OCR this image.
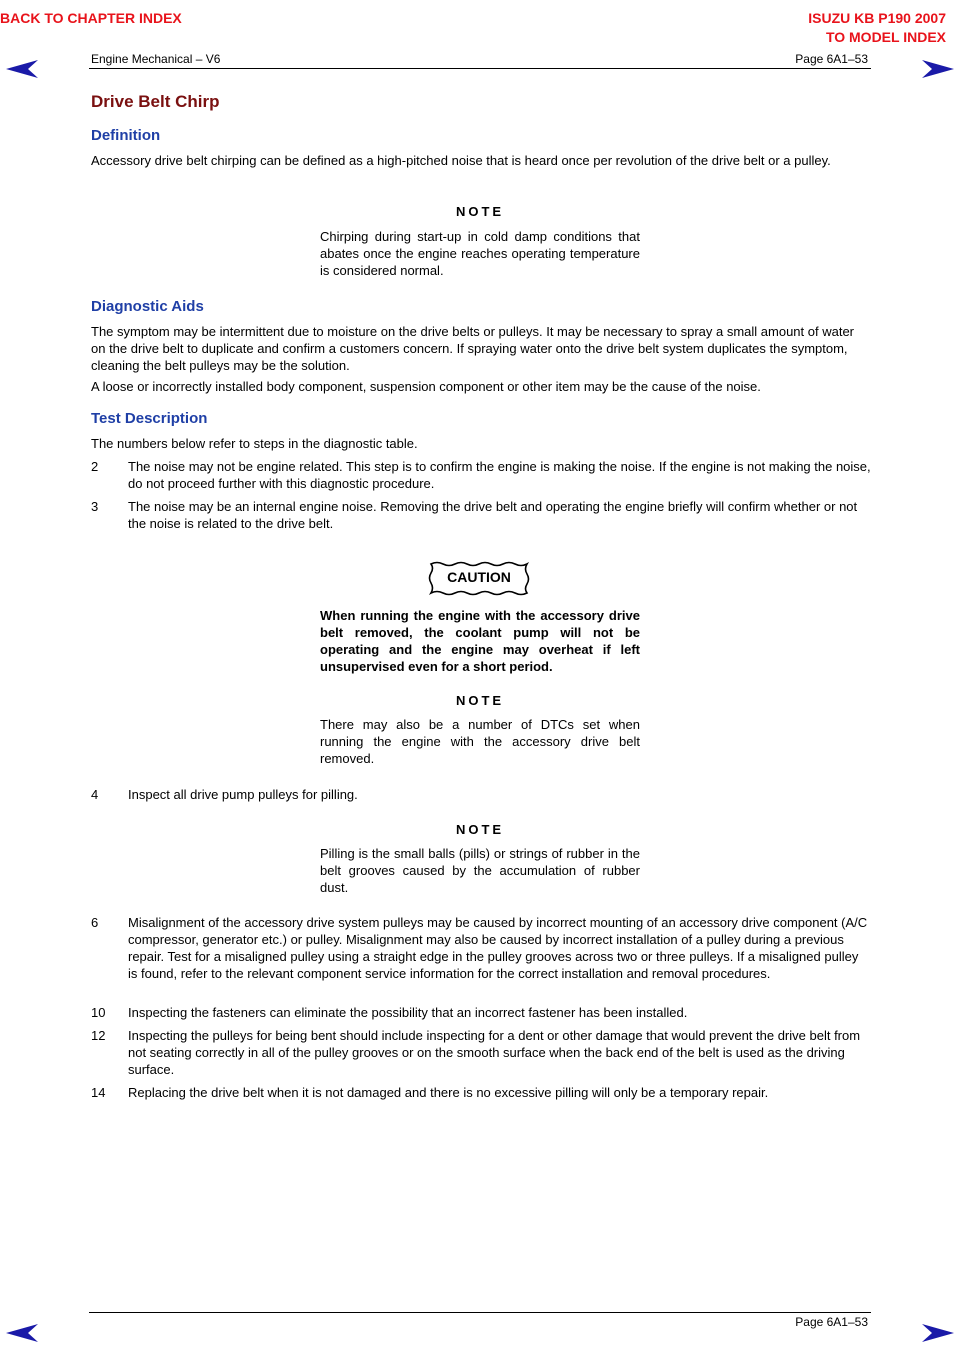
BACK TO CHAPTER INDEX	ISUZU KB P190 2007
TO MODEL INDEX
Engine Mechanical – V6	Page 6A1–53
Drive Belt Chirp
Definition
Accessory drive belt chirping can be defined as a high-pitched noise that is heard once per revolution of the drive belt or a pulley.
NOTE
Chirping during start-up in cold damp conditions that abates once the engine reaches operating temperature is considered normal.
Diagnostic Aids
The symptom may be intermittent due to moisture on the drive belts or pulleys. It may be necessary to spray a small amount of water on the drive belt to duplicate and confirm a customers concern. If spraying water onto the drive belt system duplicates the symptom, cleaning the belt pulleys may be the solution.
A loose or incorrectly installed body component, suspension component or other item may be the cause of the noise.
Test Description
The numbers below refer to steps in the diagnostic table.
2	The noise may not be engine related. This step is to confirm the engine is making the noise. If the engine is not making the noise, do not proceed further with this diagnostic procedure.
3	The noise may be an internal engine noise. Removing the drive belt and operating the engine briefly will confirm whether or not the noise is related to the drive belt.
CAUTION
When running the engine with the accessory drive belt removed, the coolant pump will not be operating and the engine may overheat if left unsupervised even for a short period.
NOTE
There may also be a number of DTCs set when running the engine with the accessory drive belt removed.
4	Inspect all drive pump pulleys for pilling.
NOTE
Pilling is the small balls (pills) or strings of rubber in the belt grooves caused by the accumulation of rubber dust.
6	Misalignment of the accessory drive system pulleys may be caused by incorrect mounting of an accessory drive component (A/C compressor, generator etc.) or pulley. Misalignment may also be caused by incorrect installation of a pulley during a previous repair. Test for a misaligned pulley using a straight edge in the pulley grooves across two or three pulleys. If a misaligned pulley is found, refer to the relevant component service information for the correct installation and removal procedures.
10	Inspecting the fasteners can eliminate the possibility that an incorrect fastener has been installed.
12	Inspecting the pulleys for being bent should include inspecting for a dent or other damage that would prevent the drive belt from not seating correctly in all of the pulley grooves or on the smooth surface when the back end of the belt is used as the driving surface.
14	Replacing the drive belt when it is not damaged and there is no excessive pilling will only be a temporary repair.
Page 6A1–53
